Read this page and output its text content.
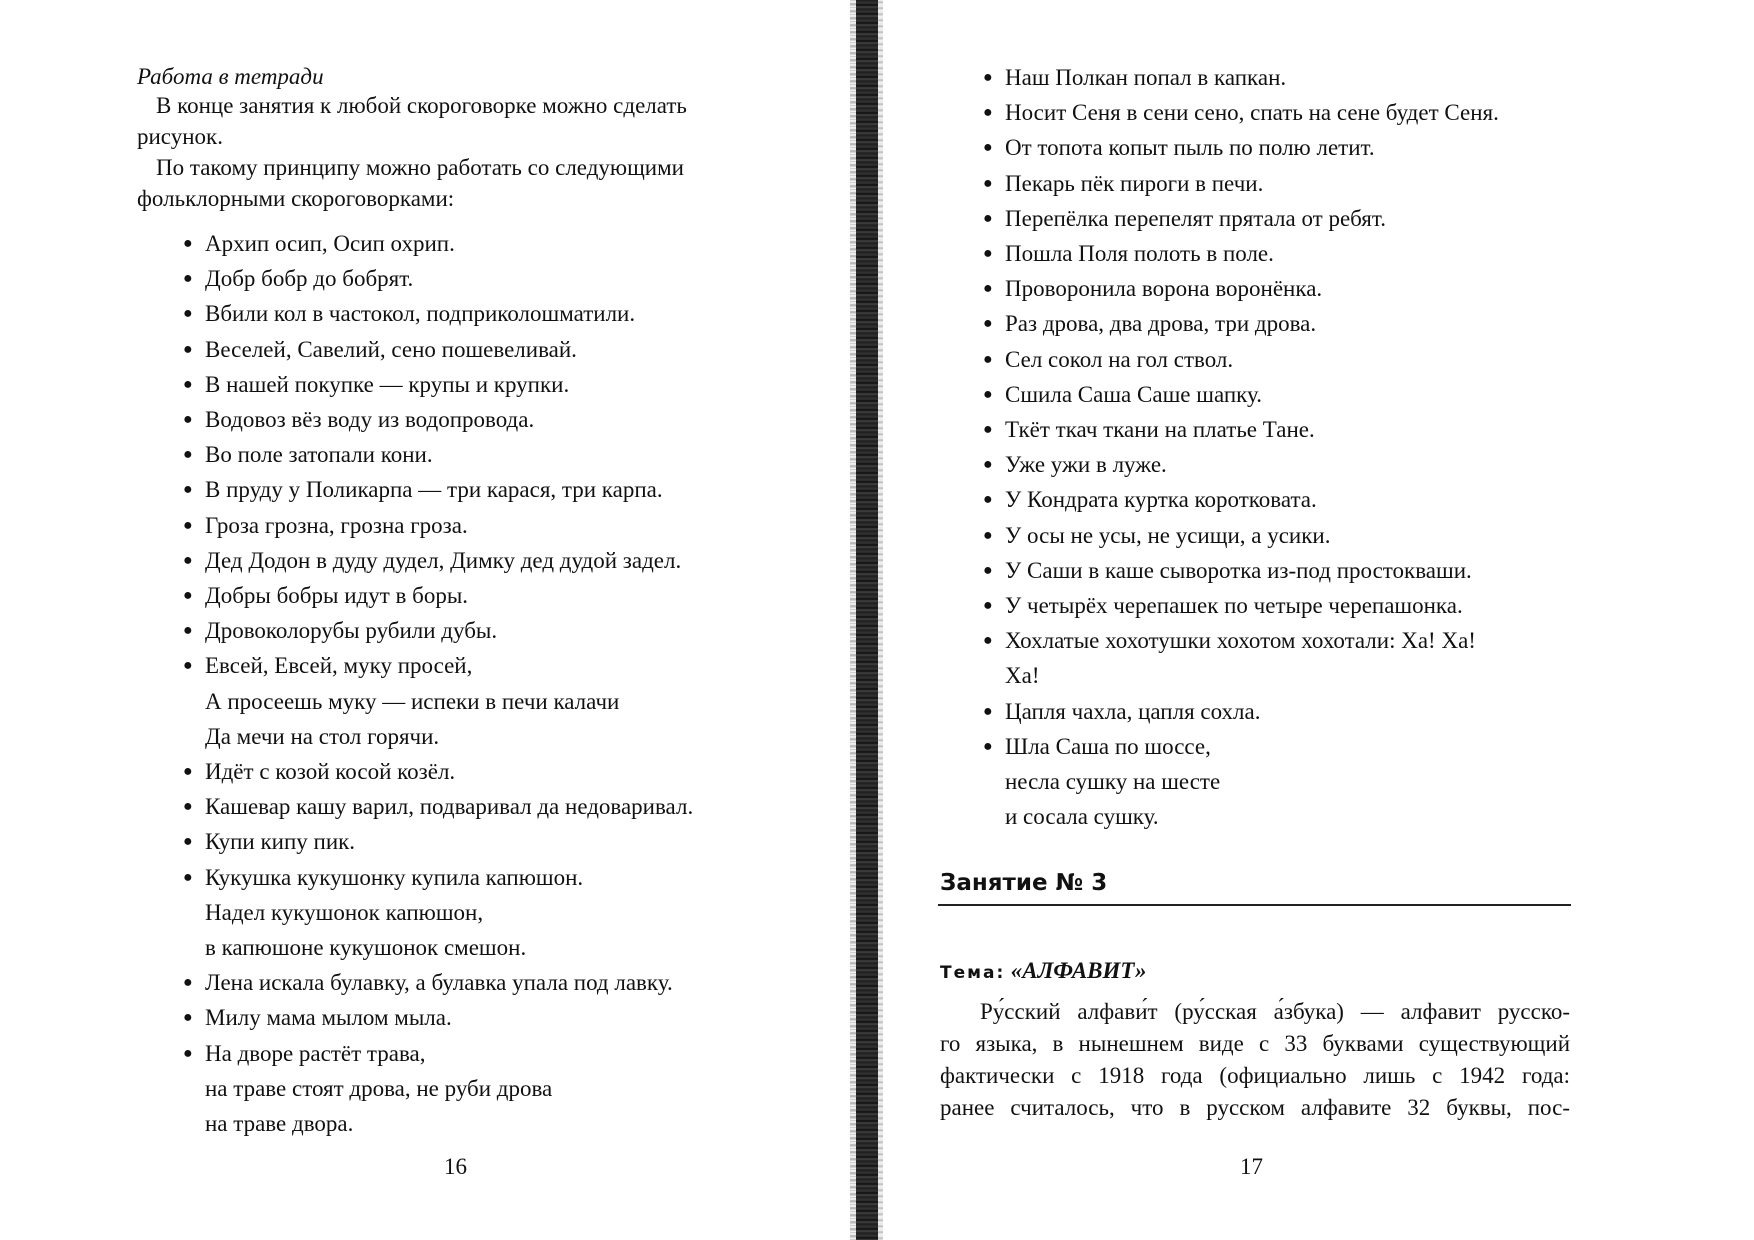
Работа в тетради
В конце занятия к любой скороговорке можно сделать
рисунок.
По такому принципу можно работать со следующими
фольклорными скороговорками:
● Архип осип, Осип охрип.
● Добр бобр до бобрят.
● Вбили кол в частокол, подприколошматили.
● Веселей, Савелий, сено пошевеливай.
● В нашей покупке — крупы и крупки.
● Водовоз вёз воду из водопровода.
● Во поле затопали кони.
● В пруду у Поликарпа — три карася, три карпа.
● Гроза грозна, грозна гроза.
● Дед Додон в дуду дудел, Димку дед дудой задел.
● Добры бобры идут в боры.
● Дровоколорубы рубили дубы.
● Евсей, Евсей, муку просей,
А просеешь муку — испеки в печи калачи
Да мечи на стол горячи.
● Идёт с козой косой козёл.
● Кашевар кашу варил, подваривал да недоваривал.
● Купи кипу пик.
● Кукушка кукушонку купила капюшон.
Надел кукушонок капюшон,
в капюшоне кукушонок смешон.
● Лена искала булавку, а булавка упала под лавку.
● Милу мама мылом мыла.
● На дворе растёт трава,
на траве стоят дрова, не руби дрова
на траве двора.
16
● Наш Полкан попал в капкан.
● Носит Сеня в сени сено, спать на сене будет Сеня.
● От топота копыт пыль по полю летит.
● Пекарь пёк пироги в печи.
● Перепёлка перепелят прятала от ребят.
● Пошла Поля полоть в поле.
● Проворонила ворона воронёнка.
● Раз дрова, два дрова, три дрова.
● Сел сокол на гол ствол.
● Сшила Саша Саше шапку.
● Ткёт ткач ткани на платье Тане.
● Уже ужи в луже.
● У Кондрата куртка коротковата.
● У осы не усы, не усищи, а усики.
● У Саши в каше сыворотка из-под простокваши.
● У четырёх черепашек по четыре черепашонка.
● Хохлатые хохотушки хохотом хохотали: Ха! Ха!
Ха!
● Цапля чахла, цапля сохла.
● Шла Саша по шоссе,
несла сушку на шесте
и сосала сушку.
Занятие № 3
Тема: «АЛФАВИТ»

Ру́сский алфави́т (ру́сская а́збука) — алфавит русско-

го языка, в нынешнем виде с 33 буквами существующий

фактически с 1918 года (официально лишь с 1942 года:

ранее считалось, что в русском алфавите 32 буквы, пос-

17
